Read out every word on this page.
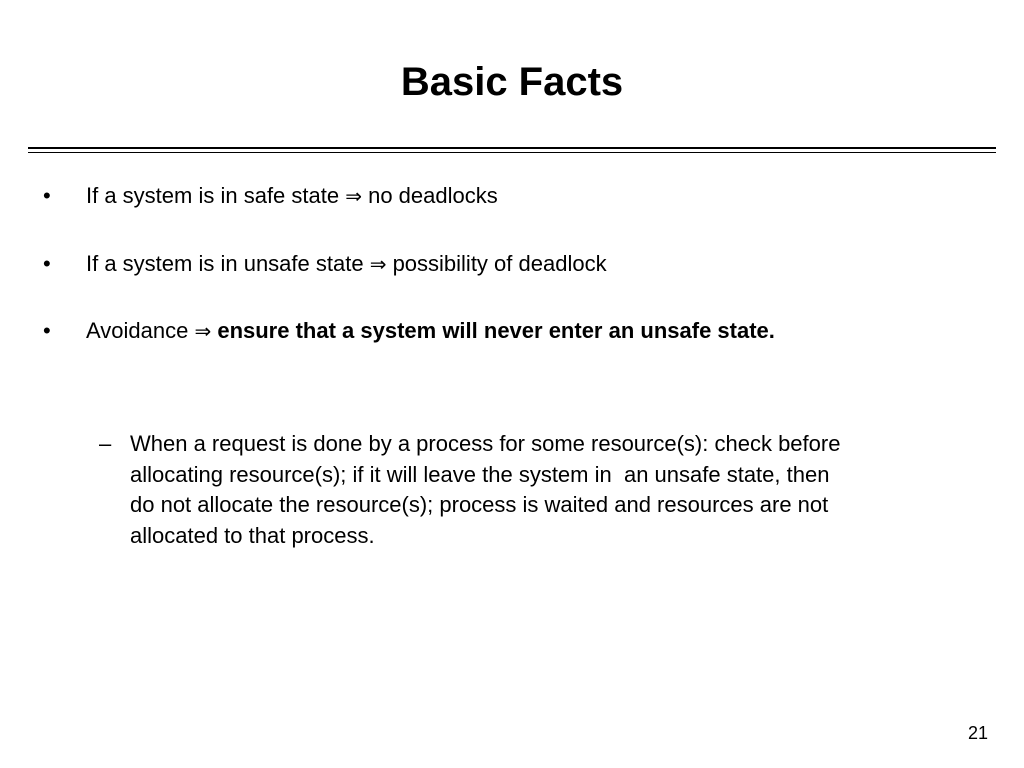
Basic Facts
• If a system is in safe state ⇒ no deadlocks
• If a system is in unsafe state ⇒ possibility of deadlock
• Avoidance ⇒ ensure that a system will never enter an unsafe state.
– When a request is done by a process for some resource(s): check before
allocating resource(s); if it will leave the system in  an unsafe state, then
do not allocate the resource(s); process is waited and resources are not
allocated to that process.
21
